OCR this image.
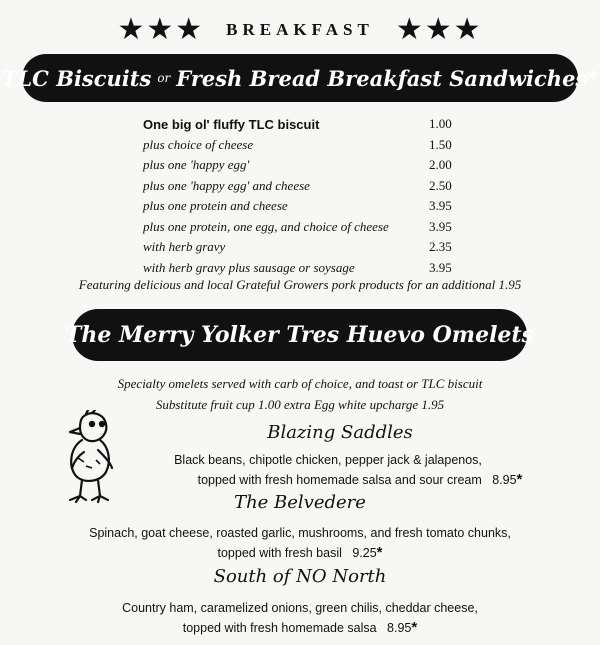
★★★ BREAKFAST ★★★
TLC Biscuits or Fresh Bread Breakfast Sandwiches*
One big ol' fluffy TLC biscuit	1.00
plus choice of cheese	1.50
plus one 'happy egg'	2.00
plus one 'happy egg' and cheese	2.50
plus one protein and cheese	3.95
plus one protein, one egg, and choice of cheese	3.95
with herb gravy	2.35
with herb gravy plus sausage or soysage	3.95
Featuring delicious and local Grateful Growers pork products for an additional 1.95
The Merry Yolker Tres Huevo Omelets
Specialty omelets served with carb of choice, and toast or TLC biscuit
Substitute fruit cup 1.00 extra Egg white upcharge 1.95
Blazing Saddles
Black beans, chipotle chicken, pepper jack & jalapenos,
topped with fresh homemade salsa and sour cream 8.95*
The Belvedere
Spinach, goat cheese, roasted garlic, mushrooms, and fresh tomato chunks,
topped with fresh basil 9.25*
South of NO North
Country ham, caramelized onions, green chilis, cheddar cheese,
topped with fresh homemade salsa 8.95*
